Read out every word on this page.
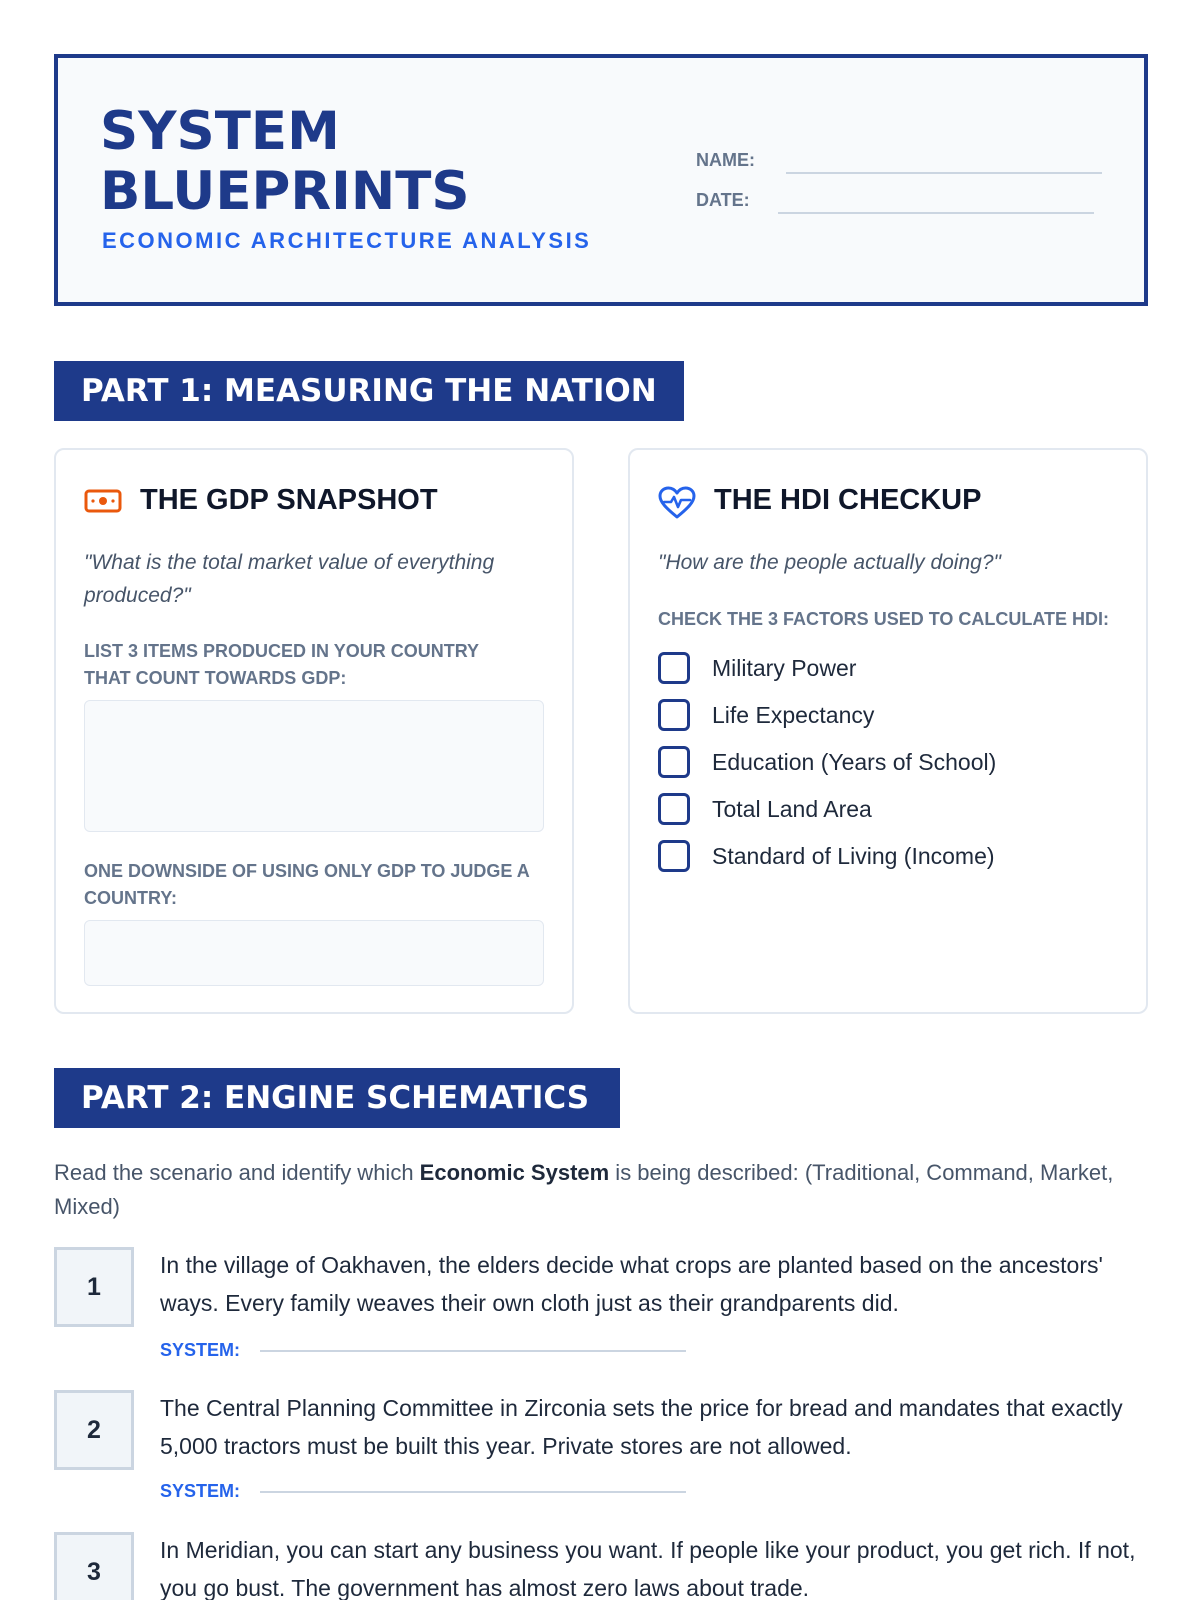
SYSTEM
BLUEPRINTS
ECONOMIC ARCHITECTURE ANALYSIS
NAME:
DATE:
PART 1: MEASURING THE NATION
THE GDP SNAPSHOT
"What is the total market value of everything produced?"
LIST 3 ITEMS PRODUCED IN YOUR COUNTRY THAT COUNT TOWARDS GDP:
ONE DOWNSIDE OF USING ONLY GDP TO JUDGE A COUNTRY:
THE HDI CHECKUP
"How are the people actually doing?"
CHECK THE 3 FACTORS USED TO CALCULATE HDI:
Military Power
Life Expectancy
Education (Years of School)
Total Land Area
Standard of Living (Income)
PART 2: ENGINE SCHEMATICS
Read the scenario and identify which Economic System is being described: (Traditional, Command, Market, Mixed)
1
In the village of Oakhaven, the elders decide what crops are planted based on the ancestors' ways. Every family weaves their own cloth just as their grandparents did.
SYSTEM:
2
The Central Planning Committee in Zirconia sets the price for bread and mandates that exactly 5,000 tractors must be built this year. Private stores are not allowed.
SYSTEM:
3
In Meridian, you can start any business you want. If people like your product, you get rich. If not, you go bust. The government has almost zero laws about trade.
